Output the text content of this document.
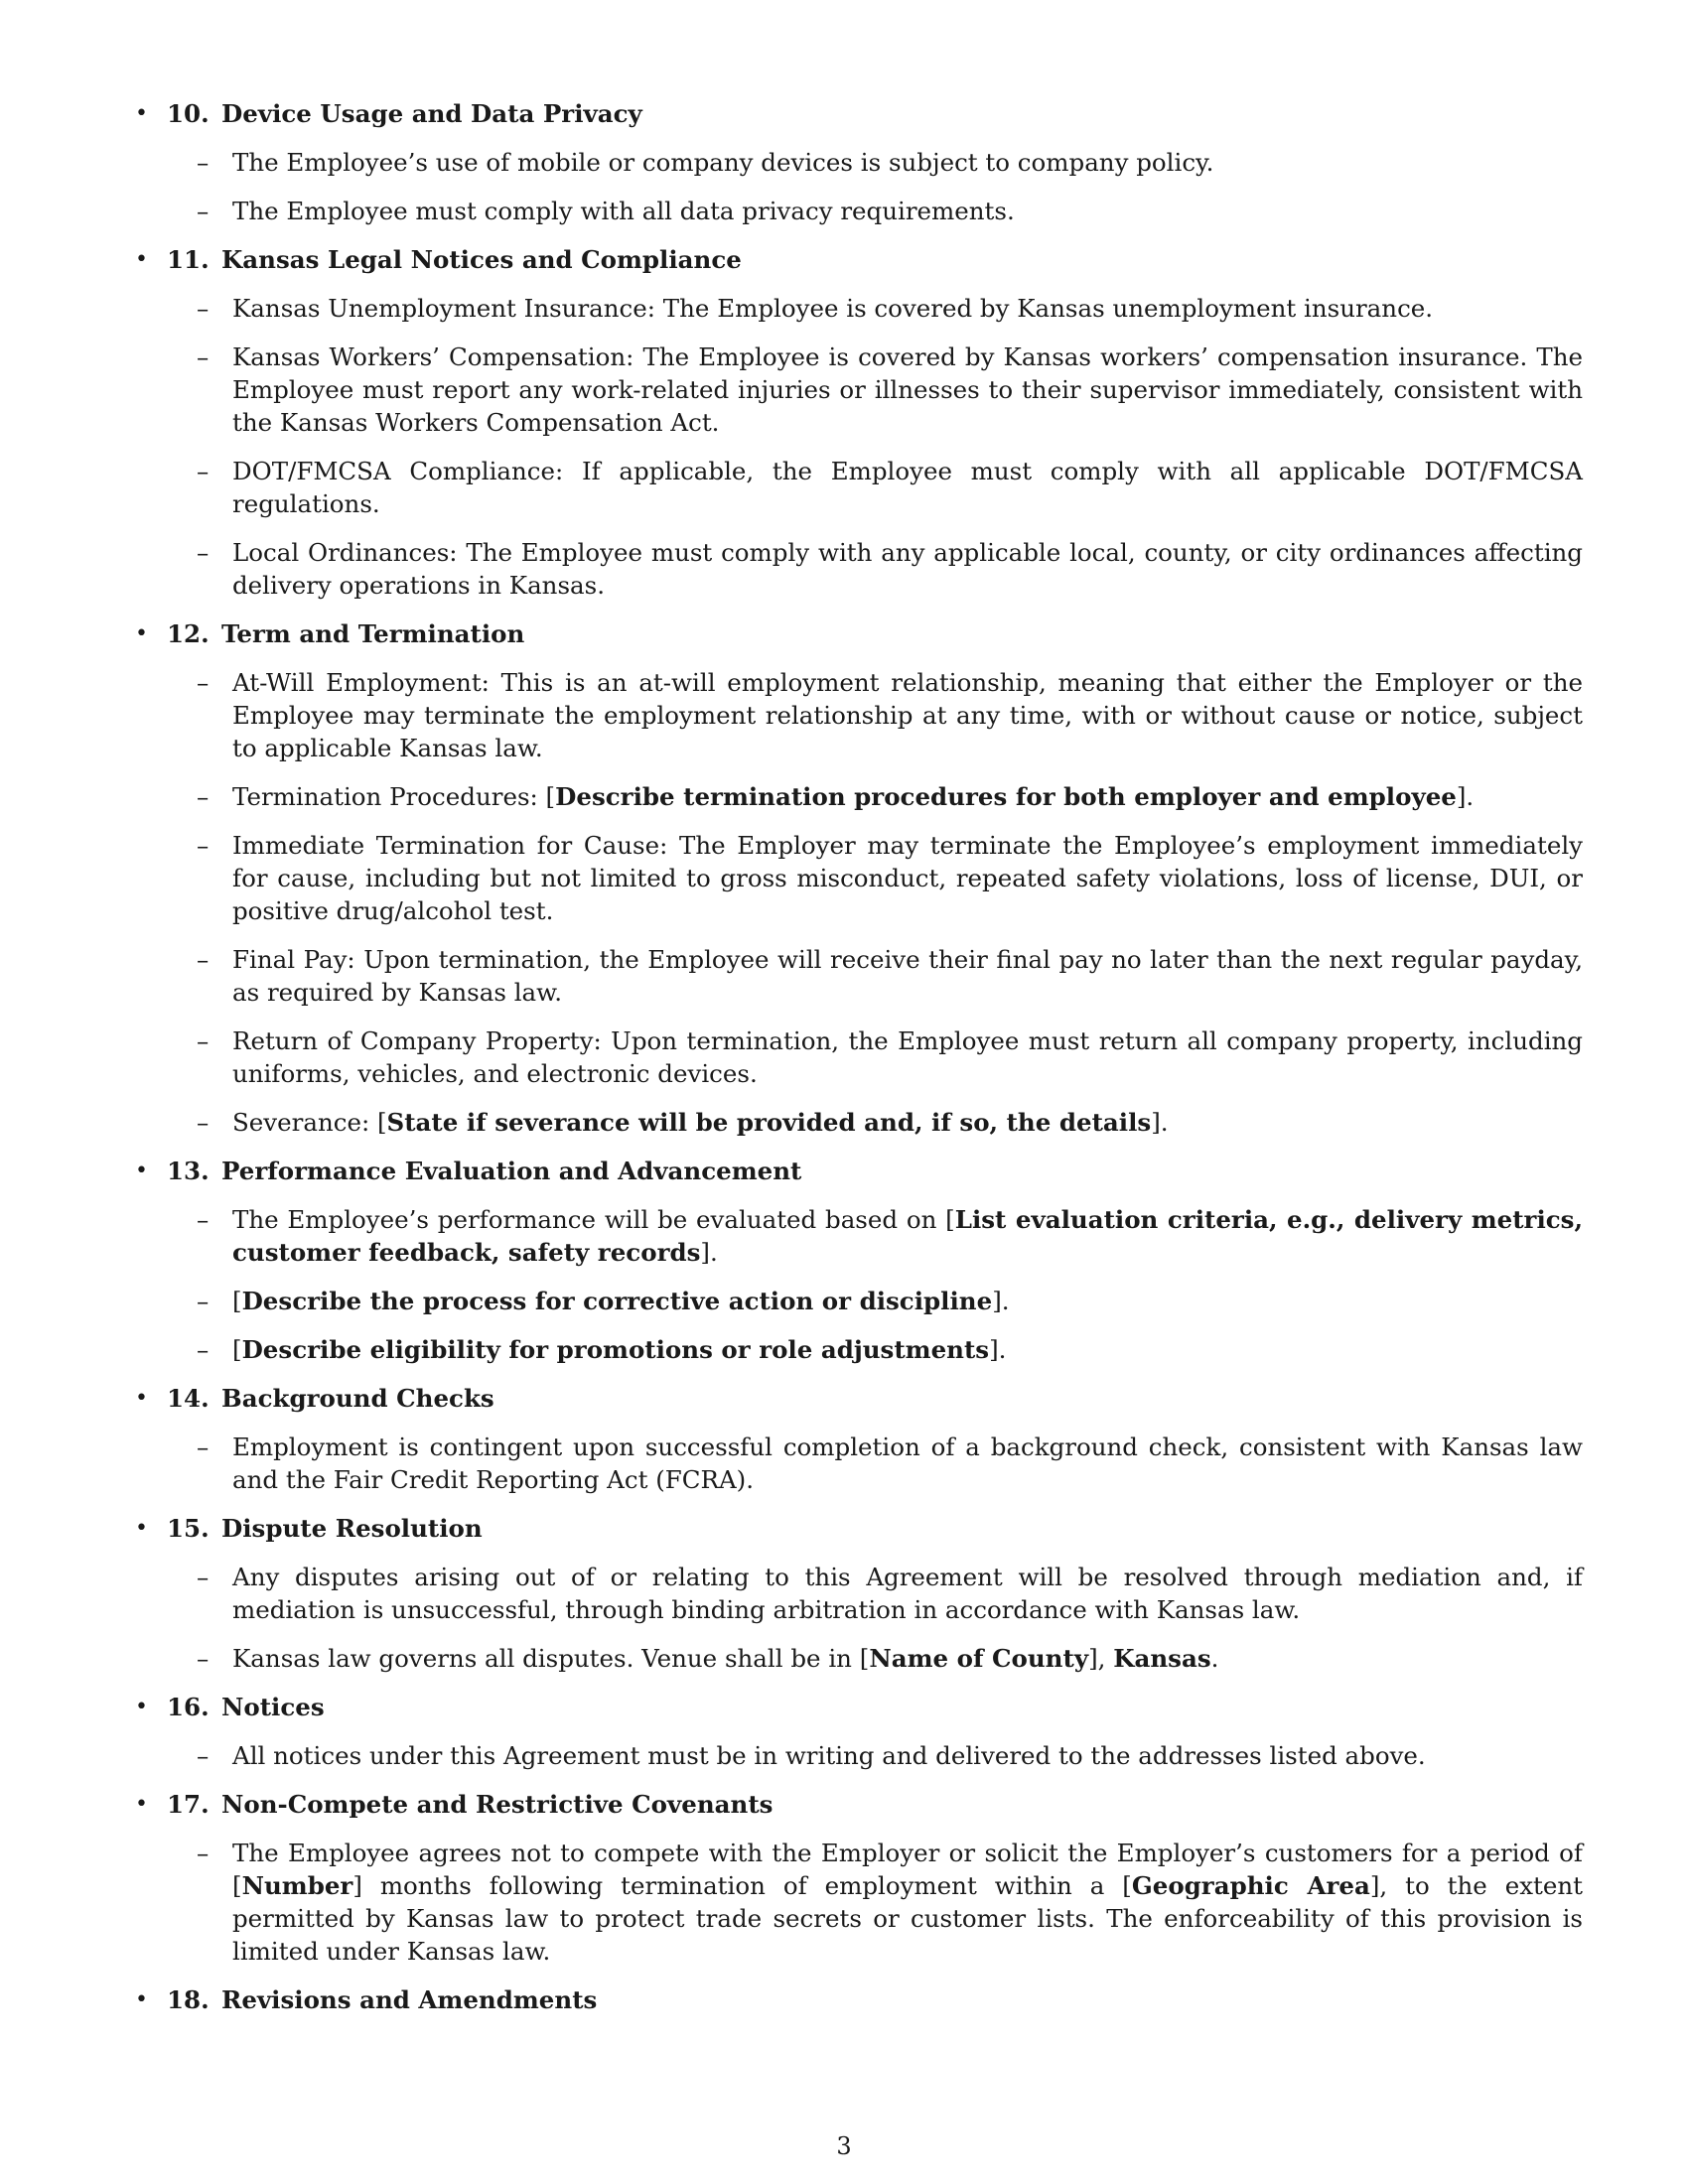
• 10. Device Usage and Data Privacy
– The Employee’s use of mobile or company devices is subject to company policy.
– The Employee must comply with all data privacy requirements.
• 11. Kansas Legal Notices and Compliance
– Kansas Unemployment Insurance: The Employee is covered by Kansas unemployment insurance.
– Kansas Workers’ Compensation: The Employee is covered by Kansas workers’ compensation insurance. The Employee must report any work-related injuries or illnesses to their supervisor immediately, consistent with the Kansas Workers Compensation Act.
– DOT/FMCSA Compliance: If applicable, the Employee must comply with all applicable DOT/FMCSA regulations.
– Local Ordinances: The Employee must comply with any applicable local, county, or city ordinances affecting delivery operations in Kansas.
• 12. Term and Termination
– At-Will Employment: This is an at-will employment relationship, meaning that either the Employer or the Employee may terminate the employment relationship at any time, with or without cause or notice, subject to applicable Kansas law.
– Termination Procedures: [Describe termination procedures for both employer and employee].
– Immediate Termination for Cause: The Employer may terminate the Employee’s employment immediately for cause, including but not limited to gross misconduct, repeated safety violations, loss of license, DUI, or positive drug/alcohol test.
– Final Pay: Upon termination, the Employee will receive their final pay no later than the next regular payday, as required by Kansas law.
– Return of Company Property: Upon termination, the Employee must return all company property, including uniforms, vehicles, and electronic devices.
– Severance: [State if severance will be provided and, if so, the details].
• 13. Performance Evaluation and Advancement
– The Employee’s performance will be evaluated based on [List evaluation criteria, e.g., delivery metrics, customer feedback, safety records].
– [Describe the process for corrective action or discipline].
– [Describe eligibility for promotions or role adjustments].
• 14. Background Checks
– Employment is contingent upon successful completion of a background check, consistent with Kansas law and the Fair Credit Reporting Act (FCRA).
• 15. Dispute Resolution
– Any disputes arising out of or relating to this Agreement will be resolved through mediation and, if mediation is unsuccessful, through binding arbitration in accordance with Kansas law.
– Kansas law governs all disputes. Venue shall be in [Name of County], Kansas.
• 16. Notices
– All notices under this Agreement must be in writing and delivered to the addresses listed above.
• 17. Non-Compete and Restrictive Covenants
– The Employee agrees not to compete with the Employer or solicit the Employer’s customers for a period of [Number] months following termination of employment within a [Geographic Area], to the extent permitted by Kansas law to protect trade secrets or customer lists. The enforceability of this provision is limited under Kansas law.
• 18. Revisions and Amendments
3
